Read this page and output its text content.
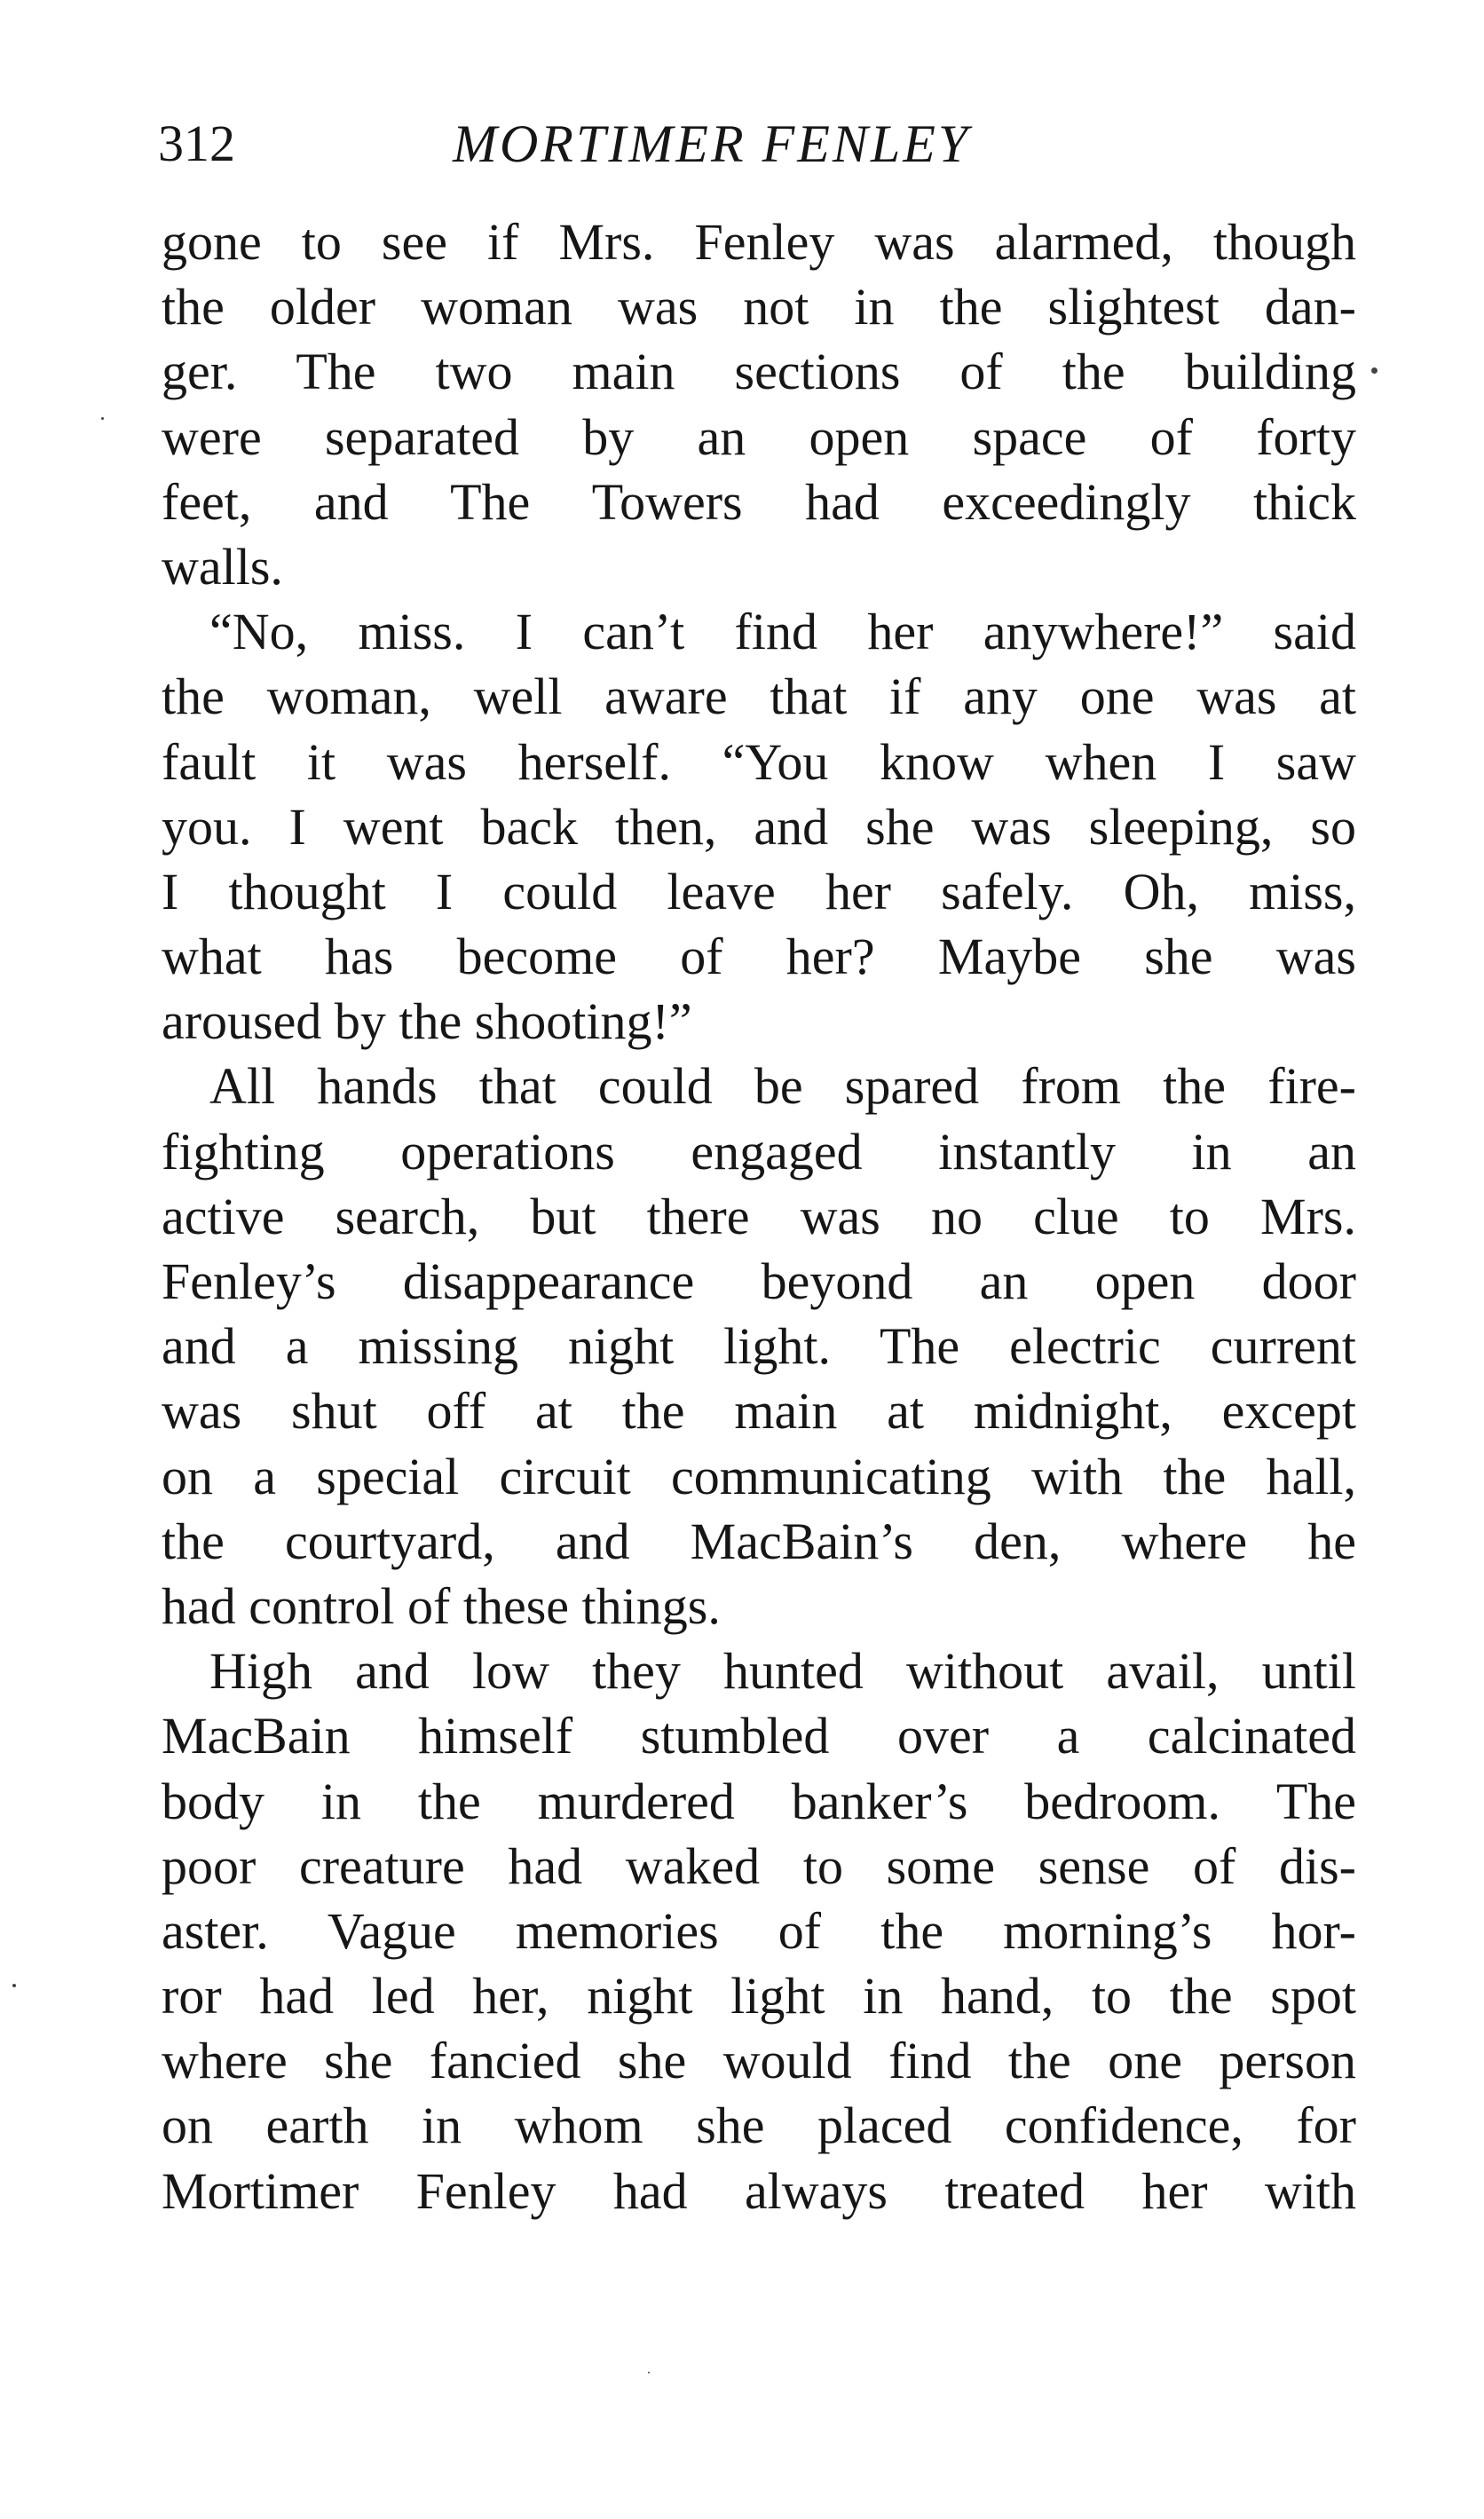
312	MORTIMER FENLEY
gone to see if Mrs. Fenley was alarmed, though
the older woman was not in the slightest dan-
ger. The two main sections of the building
were separated by an open space of forty
feet, and The Towers had exceedingly thick
walls.
“No, miss. I can’t find her anywhere!” said
the woman, well aware that if any one was at
fault it was herself. “You know when I saw
you. I went back then, and she was sleeping, so
I thought I could leave her safely. Oh, miss,
what has become of her? Maybe she was
aroused by the shooting!”
All hands that could be spared from the fire-
fighting operations engaged instantly in an
active search, but there was no clue to Mrs.
Fenley’s disappearance beyond an open door
and a missing night light. The electric current
was shut off at the main at midnight, except
on a special circuit communicating with the hall,
the courtyard, and MacBain’s den, where he
had control of these things.
High and low they hunted without avail, until
MacBain himself stumbled over a calcinated
body in the murdered banker’s bedroom. The
poor creature had waked to some sense of dis-
aster. Vague memories of the morning’s hor-
ror had led her, night light in hand, to the spot
where she fancied she would find the one person
on earth in whom she placed confidence, for
Mortimer Fenley had always treated her with
